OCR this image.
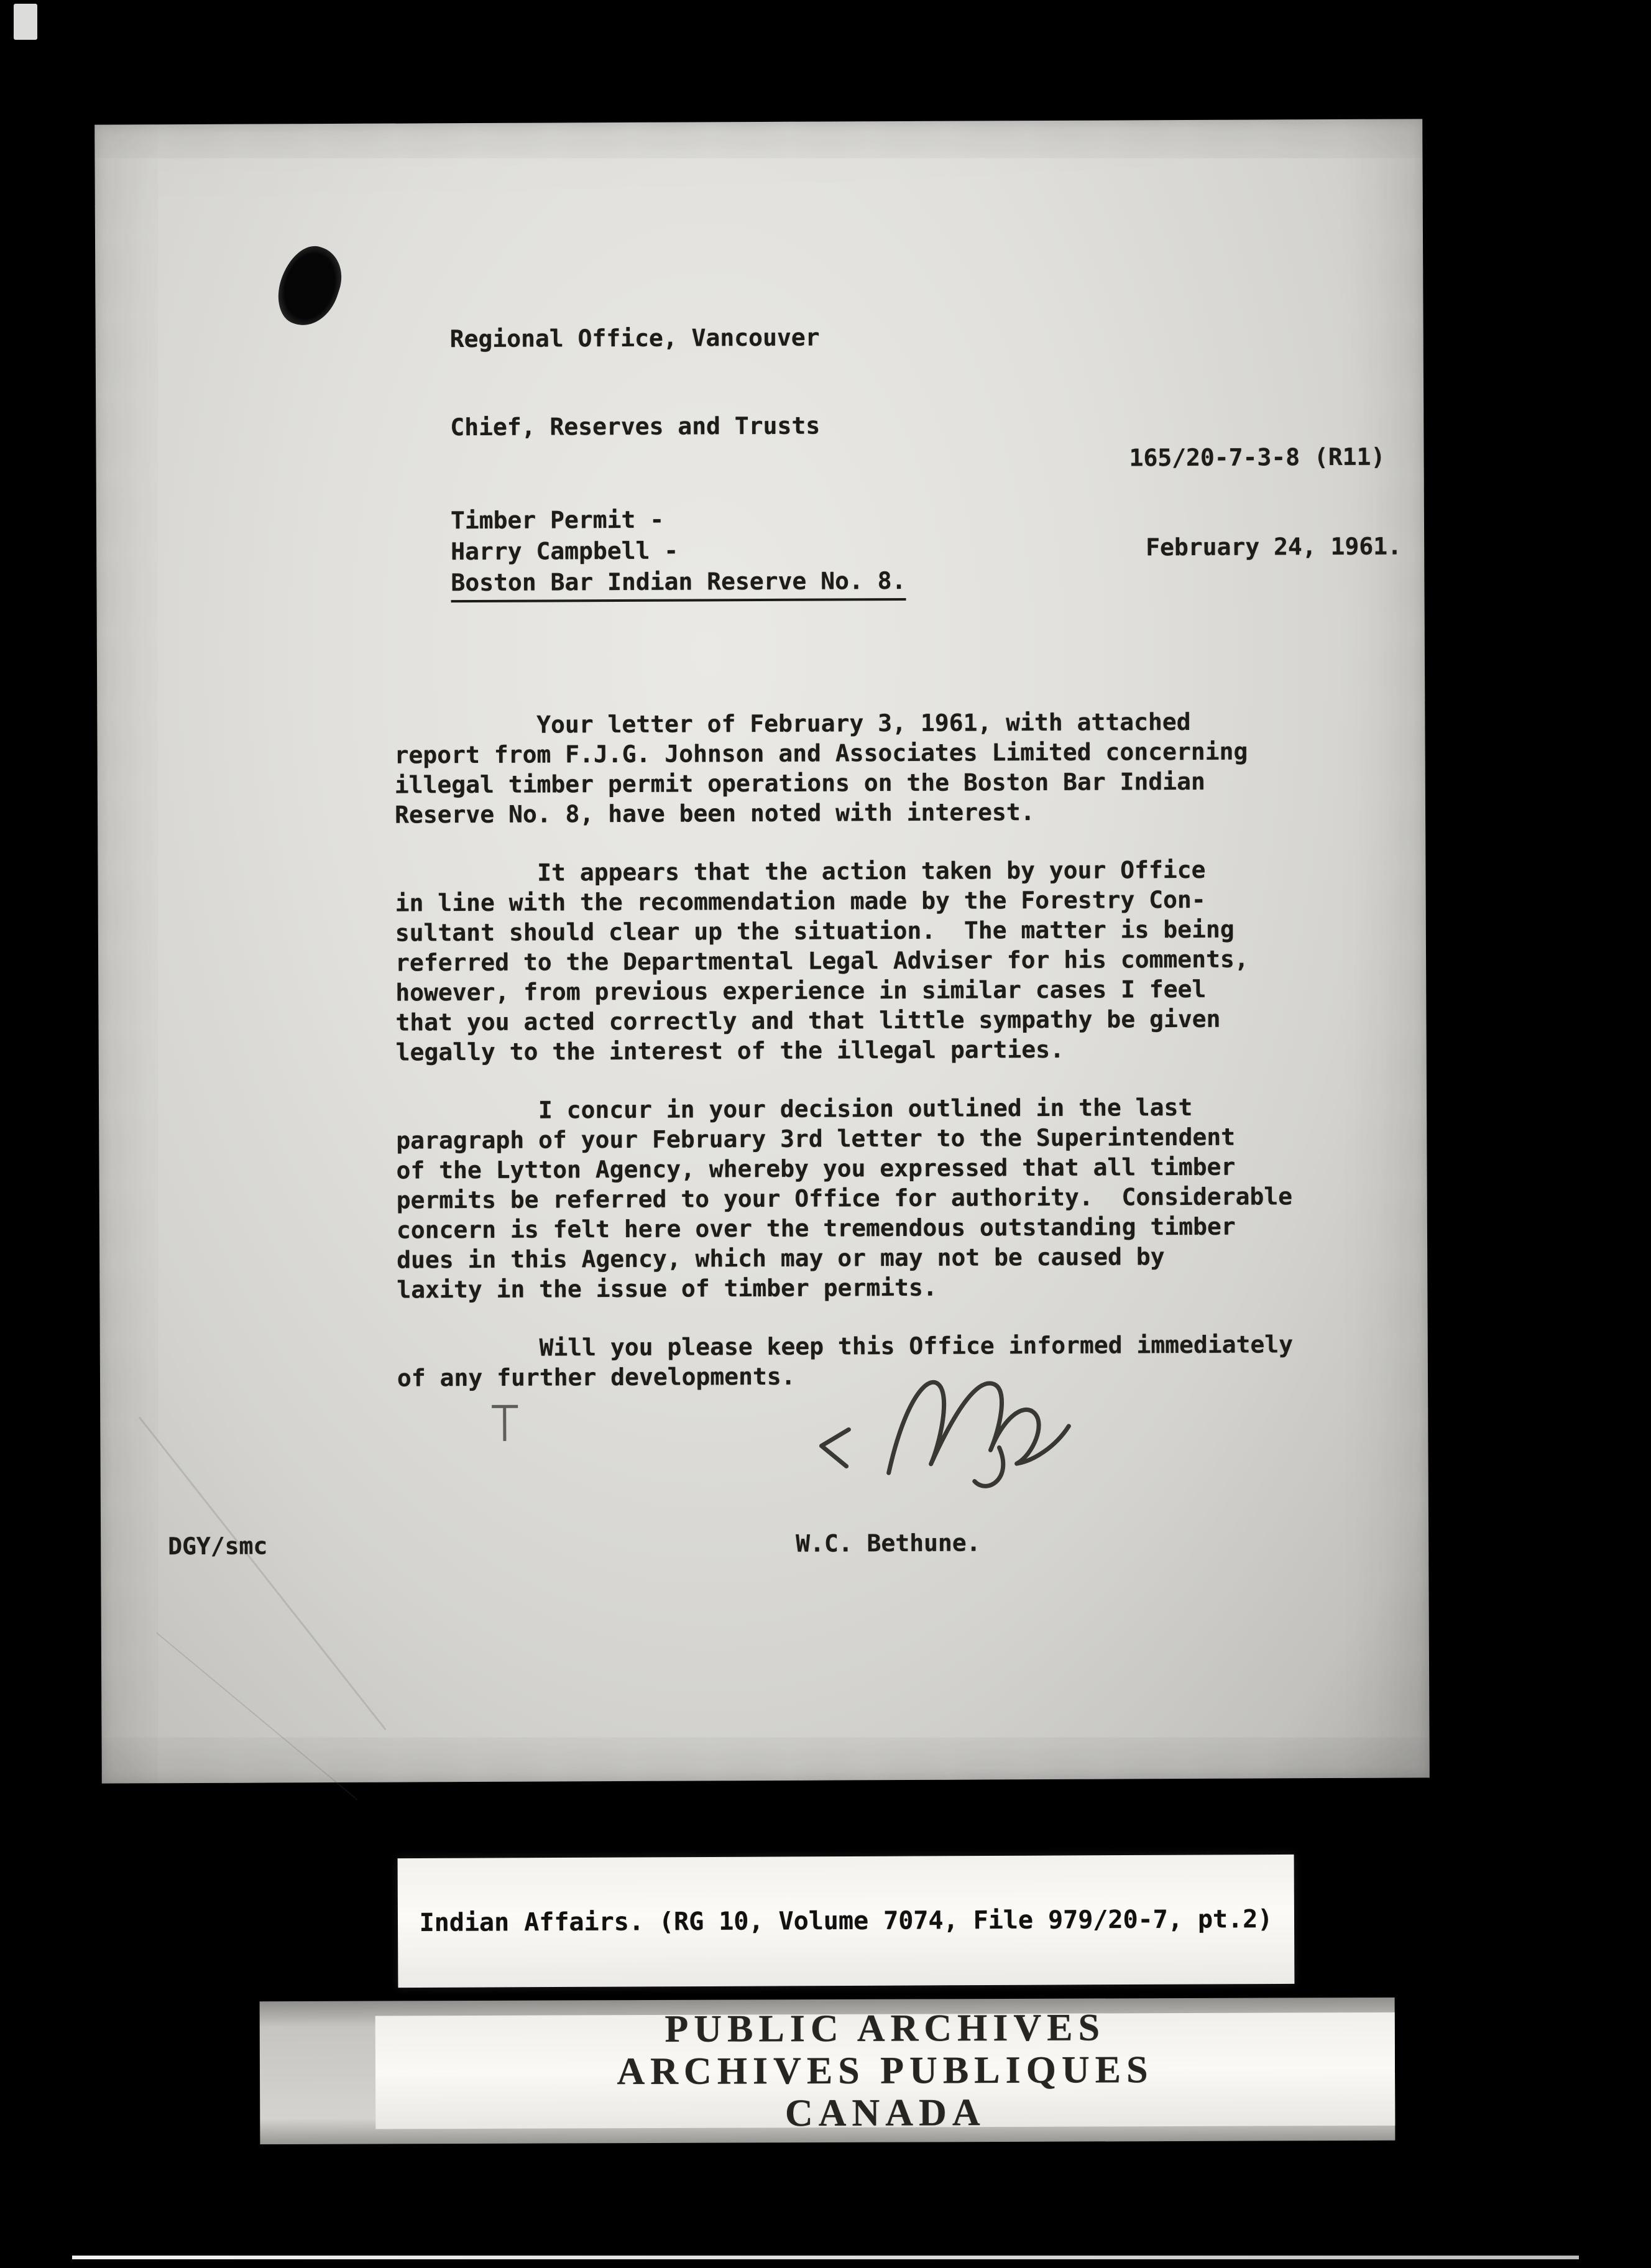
Regional Office, Vancouver
Chief, Reserves and Trusts
165/20-7-3-8 (R11)
Timber Permit -
Harry Campbell -
Boston Bar Indian Reserve No. 8.
February 24, 1961.

Your letter of February 3, 1961, with attached
report from F.J.G. Johnson and Associates Limited concerning
illegal timber permit operations on the Boston Bar Indian
Reserve No. 8, have been noted with interest.

It appears that the action taken by your Office
in line with the recommendation made by the Forestry Con-
sultant should clear up the situation.  The matter is being
referred to the Departmental Legal Adviser for his comments,
however, from previous experience in similar cases I feel
that you acted correctly and that little sympathy be given
legally to the interest of the illegal parties.

I concur in your decision outlined in the last
paragraph of your February 3rd letter to the Superintendent
of the Lytton Agency, whereby you expressed that all timber
permits be referred to your Office for authority.  Considerable
concern is felt here over the tremendous outstanding timber
dues in this Agency, which may or may not be caused by
laxity in the issue of timber permits.

Will you please keep this Office informed immediately
of any further developments.

DGY/smc	W.C. Bethune.
Indian Affairs. (RG 10, Volume 7074, File 979/20-7, pt.2)
PUBLIC ARCHIVES
ARCHIVES PUBLIQUES
CANADA
